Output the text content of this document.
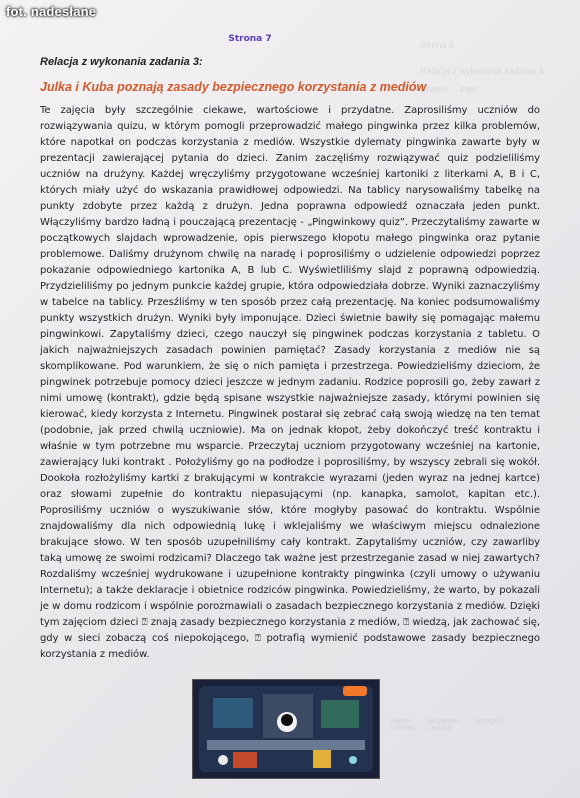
Strona 7
Relacja z wykonania zadania 3:
Julka i Kuba poznają zasady bezpiecznego korzystania z mediów
Te zajęcia były szczególnie ciekawe, wartościowe i przydatne. Zaprosiliśmy uczniów do rozwiązywania quizu, w którym pomogli przeprowadzić małego pingwinka przez kilka problemów, które napotkał on podczas korzystania z mediów. Wszystkie dylematy pingwinka zawarte były w prezentacji zawierającej pytania do dzieci. Zanim zaczęliśmy rozwiązywać quiz podzieliliśmy uczniów na drużyny. Każdej wręczyliśmy przygotowane wcześniej kartoniki z literkami A, B i C, których miały użyć do wskazania prawidłowej odpowiedzi. Na tablicy narysowaliśmy tabelkę na punkty zdobyte przez każdą z drużyn. Jedna poprawna odpowiedź oznaczała jeden punkt. Włączyliśmy bardzo ładną i pouczającą prezentację - „Pingwinkowy quiz”. Przeczytaliśmy zawarte w początkowych slajdach wprowadzenie, opis pierwszego kłopotu małego pingwinka oraz pytanie problemowe. Daliśmy drużynom chwilę na naradę i poprosiliśmy o udzielenie odpowiedzi poprzez pokazanie odpowiedniego kartonika A, B lub C. Wyświetliliśmy slajd z poprawną odpowiedzią. Przydzieliliśmy po jednym punkcie każdej grupie, która odpowiedziała dobrze. Wyniki zaznaczyliśmy w tabelce na tablicy. Przesźliśmy w ten sposób przez całą prezentację. Na koniec podsumowaliśmy punkty wszystkich drużyn. Wyniki były imponujące. Dzieci świetnie bawiły się pomagając małemu pingwinkowi. Zapytaliśmy dzieci, czego nauczył się pingwinek podczas korzystania z tabletu. O jakich najważniejszych zasadach powinien pamiętać? Zasady korzystania z mediów nie są skomplikowane. Pod warunkiem, że się o nich pamięta i przestrzega. Powiedzieliśmy dzieciom, że pingwinek potrzebuje pomocy dzieci jeszcze w jednym zadaniu. Rodzice poprosili go, żeby zawarł z nimi umowę (kontrakt), gdzie będą spisane wszystkie najważniejsze zasady, którymi powinien się kierować, kiedy korzysta z Internetu. Pingwinek postarał się zebrać całą swoją wiedzę na ten temat (podobnie, jak przed chwilą uczniowie). Ma on jednak kłopot, żeby dokończyć treść kontraktu i właśnie w tym potrzebne mu wsparcie. Przeczytaj uczniom przygotowany wcześniej na kartonie, zawierający luki kontrakt . Położyliśmy go na podłodze i poprosiliśmy, by wszyscy zebrali się wokół. Dookoła rozłożyliśmy kartki z brakującymi w kontrakcie wyrazami (jeden wyraz na jednej kartce) oraz słowami zupełnie do kontraktu niepasującymi (np. kanapka, samolot, kapitan etc.). Poprosiliśmy uczniów o wyszukiwanie słów, które mogłyby pasować do kontraktu. Wspólnie znajdowaliśmy dla nich odpowiednią lukę i wklejaliśmy we właściwym miejscu odnalezione brakujące słowo. W ten sposób uzupełniliśmy cały kontrakt. Zapytaliśmy uczniów, czy zawarliby taką umowę ze swoimi rodzicami? Dlaczego tak ważne jest przestrzeganie zasad w niej zawartych? Rozdaliśmy wcześniej wydrukowane i uzupełnione kontrakty pingwinka (czyli umowy o używaniu Internetu); a także deklaracje i obietnice rodziców pingwinka. Powiedzieliśmy, że warto, by pokazali je w domu rodzicom i wspólnie porozmawiali o zasadach bezpiecznego korzystania z mediów. Dzięki tym zajęciom dzieci ⍰ znają zasady bezpiecznego korzystania z mediów, ⍰ wiedzą, jak zachować się, gdy w sieci zobaczą coś niepokojącego, ⍰ potrafią wymienić podstawowe zasady bezpiecznego korzystania z mediów.
zajęciu ...... pingwinek ...... rodzicami ...... kontrakt ...... zasady
fot. nadesłane
